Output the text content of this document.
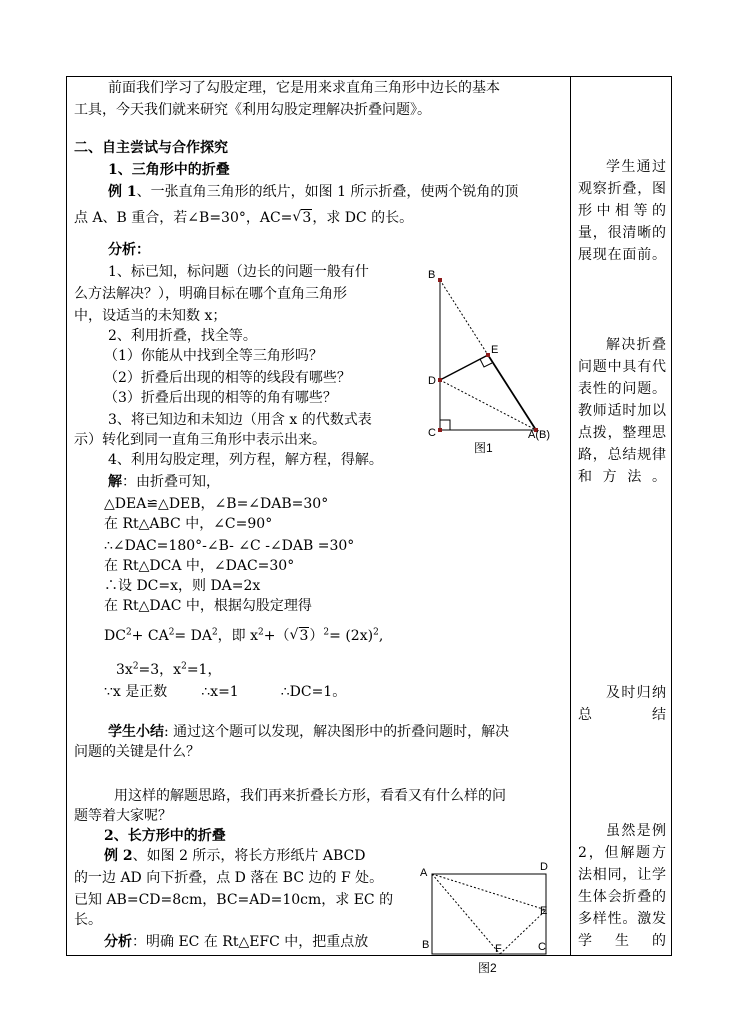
前面我们学习了勾股定理，它是用来求直角三角形中边长的基本
工具，今天我们就来研究《利用勾股定理解决折叠问题》。
二、自主尝试与合作探究
1、三角形中的折叠
例 1、一张直角三角形的纸片，如图 1 所示折叠，使两个锐角的顶
点 A、B 重合，若∠B=30°，AC=√ 3，求 DC 的长。
分析：
1、标已知，标问题（边长的问题一般有什
么方法解决？），明确目标在哪个直角三角形
中，设适当的未知数 x；
2、利用折叠，找全等。
（1）你能从中找到全等三角形吗？
（2）折叠后出现的相等的线段有哪些？
（3）折叠后出现的相等的角有哪些？
3、将已知边和未知边（用含 x 的代数式表
示）转化到同一直角三角形中表示出来。
4、利用勾股定理，列方程，解方程，得解。
解：由折叠可知，
△DEA≌△DEB，∠B=∠DAB=30°
在 Rt△ABC 中，∠C=90°
∴∠DAC=180°-∠B- ∠C -∠DAB =30°
在 Rt△DCA 中，∠DAC=30°
∴设 DC=x，则 DA=2x
在 Rt△DAC 中，根据勾股定理得
$DC^2+ CA^2= DA^2$，即 $x^2+(√$ $3)^2= (2x)^2$,
$3x^2=3$，$x^2=1$，
∵x 是正数 ∴x=1	∴DC=1。
学生小结: 通过这个题可以发现，解决图形中的折叠问题时，解决
问题的关键是什么？
用这样的解题思路，我们再来折叠长方形，看看又有什么样的问
题等着大家呢？
2、长方形中的折叠
例 2、如图 2 所示，将长方形纸片 ABCD
的一边 AD 向下折叠，点 D 落在 BC 边的 F 处。
已知 AB=CD=8cm，BC=AD=10cm，求 EC 的
长。
分析：明确 EC 在 Rt△EFC 中，把重点放
B
E
D
C	A(B)
图1
A	D
E
B	F	C
图2

学生通过观察折叠，图形中相等的量，很清晰的展现在面前。

解决折叠问题中具有代表性的问题。教师适时加以点拨，整理思路，总结规律和方法。

及时归纳总结

虽然是例 2，但解题方法相同，让学生体会折叠的多样性。激发学生的
